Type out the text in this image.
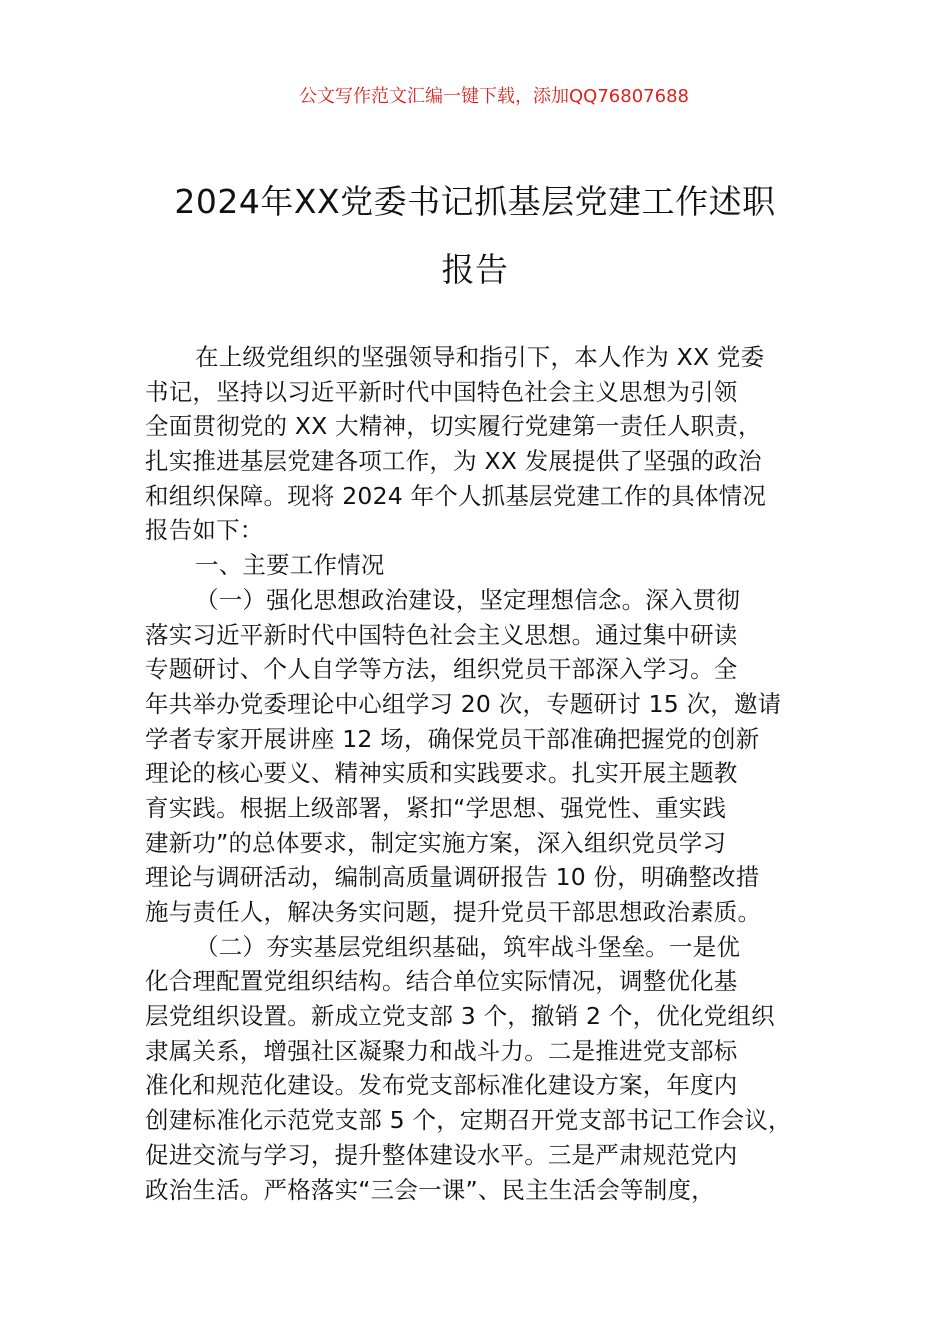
公文写作范文汇编一键下载，添加QQ76807688
2024年XX党委书记抓基层党建工作述职
报告
在上级党组织的坚强领导和指引下，本人作为 XX 党委
书记，坚持以习近平新时代中国特色社会主义思想为引领
全面贯彻党的 XX 大精神，切实履行党建第一责任人职责，
扎实推进基层党建各项工作，为 XX 发展提供了坚强的政治
和组织保障。现将 2024 年个人抓基层党建工作的具体情况
报告如下：
一、主要工作情况
（一）强化思想政治建设，坚定理想信念。深入贯彻
落实习近平新时代中国特色社会主义思想。通过集中研读
专题研讨、个人自学等方法，组织党员干部深入学习。全
年共举办党委理论中心组学习 20 次，专题研讨 15 次，邀请
学者专家开展讲座 12 场，确保党员干部准确把握党的创新
理论的核心要义、精神实质和实践要求。扎实开展主题教
育实践。根据上级部署，紧扣“学思想、强党性、重实践
建新功”的总体要求，制定实施方案，深入组织党员学习
理论与调研活动，编制高质量调研报告 10 份，明确整改措
施与责任人，解决务实问题，提升党员干部思想政治素质。
（二）夯实基层党组织基础，筑牢战斗堡垒。一是优
化合理配置党组织结构。结合单位实际情况，调整优化基
层党组织设置。新成立党支部 3 个，撤销 2 个，优化党组织
隶属关系，增强社区凝聚力和战斗力。二是推进党支部标
准化和规范化建设。发布党支部标准化建设方案，年度内
创建标准化示范党支部 5 个，定期召开党支部书记工作会议，
促进交流与学习，提升整体建设水平。三是严肃规范党内
政治生活。严格落实“三会一课”、民主生活会等制度，
